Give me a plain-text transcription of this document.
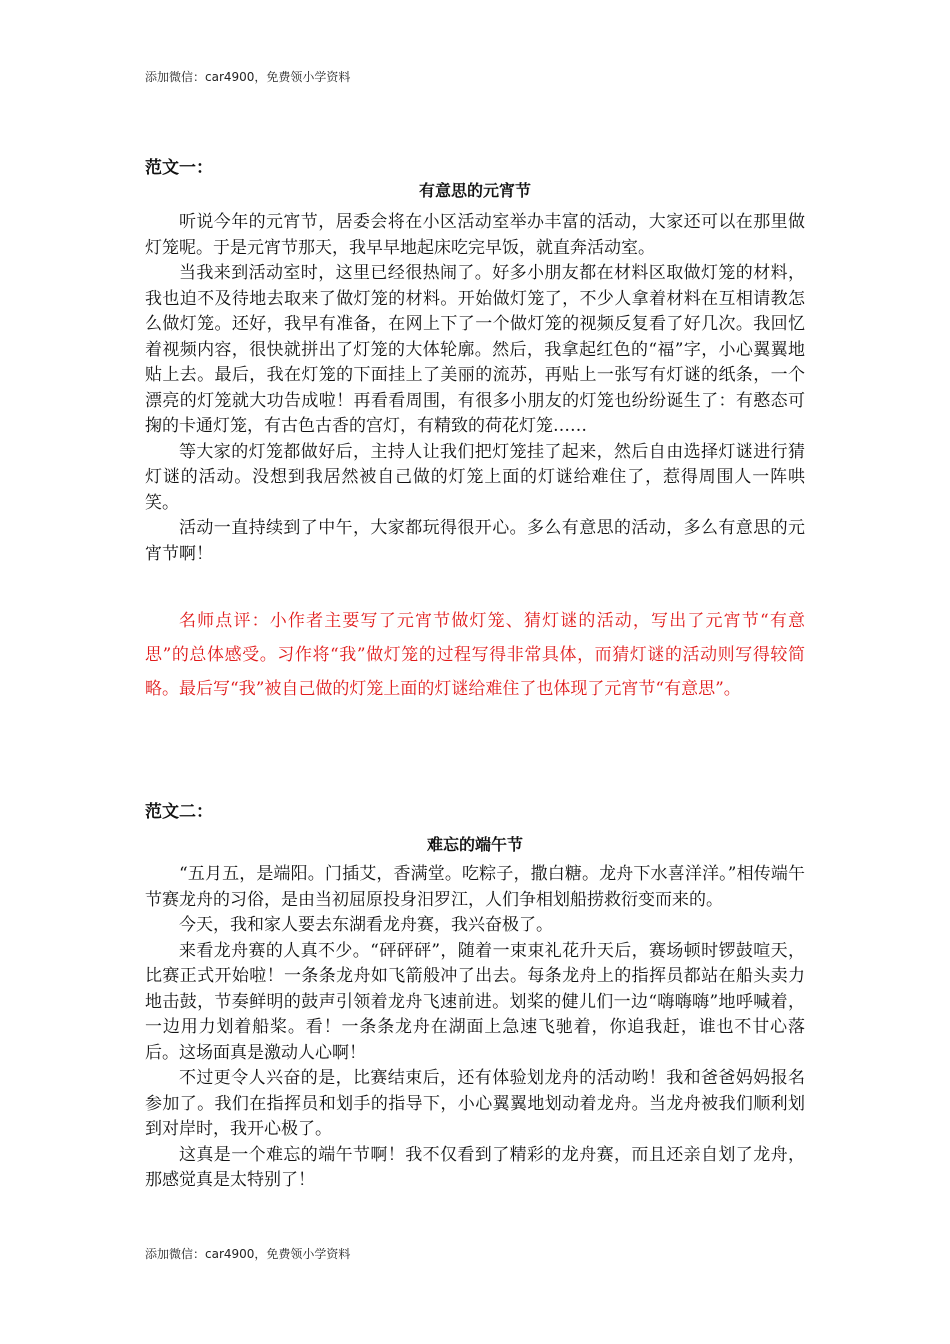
添加微信：car4900，免费领小学资料
范文一：
有意思的元宵节

听说今年的元宵节，居委会将在小区活动室举办丰富的活动，大家还可以在那里做灯笼呢。于是元宵节那天，我早早地起床吃完早饭，就直奔活动室。

当我来到活动室时，这里已经很热闹了。好多小朋友都在材料区取做灯笼的材料，我也迫不及待地去取来了做灯笼的材料。开始做灯笼了，不少人拿着材料在互相请教怎么做灯笼。还好，我早有准备，在网上下了一个做灯笼的视频反复看了好几次。我回忆着视频内容，很快就拼出了灯笼的大体轮廓。然后，我拿起红色的“福”字，小心翼翼地贴上去。最后，我在灯笼的下面挂上了美丽的流苏，再贴上一张写有灯谜的纸条，一个漂亮的灯笼就大功告成啦！再看看周围，有很多小朋友的灯笼也纷纷诞生了：有憨态可掬的卡通灯笼，有古色古香的宫灯，有精致的荷花灯笼……

等大家的灯笼都做好后，主持人让我们把灯笼挂了起来，然后自由选择灯谜进行猜灯谜的活动。没想到我居然被自己做的灯笼上面的灯谜给难住了，惹得周围人一阵哄笑。

活动一直持续到了中午，大家都玩得很开心。多么有意思的活动，多么有意思的元宵节啊！

名师点评：小作者主要写了元宵节做灯笼、猜灯谜的活动，写出了元宵节“有意思”的总体感受。习作将“我”做灯笼的过程写得非常具体，而猜灯谜的活动则写得较简略。最后写“我”被自己做的灯笼上面的灯谜给难住了也体现了元宵节“有意思”。

范文二：
难忘的端午节

“五月五，是端阳。门插艾，香满堂。吃粽子，撒白糖。龙舟下水喜洋洋。”相传端午节赛龙舟的习俗，是由当初屈原投身汨罗江，人们争相划船捞救衍变而来的。

今天，我和家人要去东湖看龙舟赛，我兴奋极了。

来看龙舟赛的人真不少。“砰砰砰”，随着一束束礼花升天后，赛场顿时锣鼓喧天，比赛正式开始啦！一条条龙舟如飞箭般冲了出去。每条龙舟上的指挥员都站在船头卖力地击鼓，节奏鲜明的鼓声引领着龙舟飞速前进。划桨的健儿们一边“嗨嗨嗨”地呼喊着，一边用力划着船桨。看！一条条龙舟在湖面上急速飞驰着，你追我赶，谁也不甘心落后。这场面真是激动人心啊！

不过更令人兴奋的是，比赛结束后，还有体验划龙舟的活动哟！我和爸爸妈妈报名参加了。我们在指挥员和划手的指导下，小心翼翼地划动着龙舟。当龙舟被我们顺利划到对岸时，我开心极了。

这真是一个难忘的端午节啊！我不仅看到了精彩的龙舟赛，而且还亲自划了龙舟，那感觉真是太特别了！

添加微信：car4900，免费领小学资料
